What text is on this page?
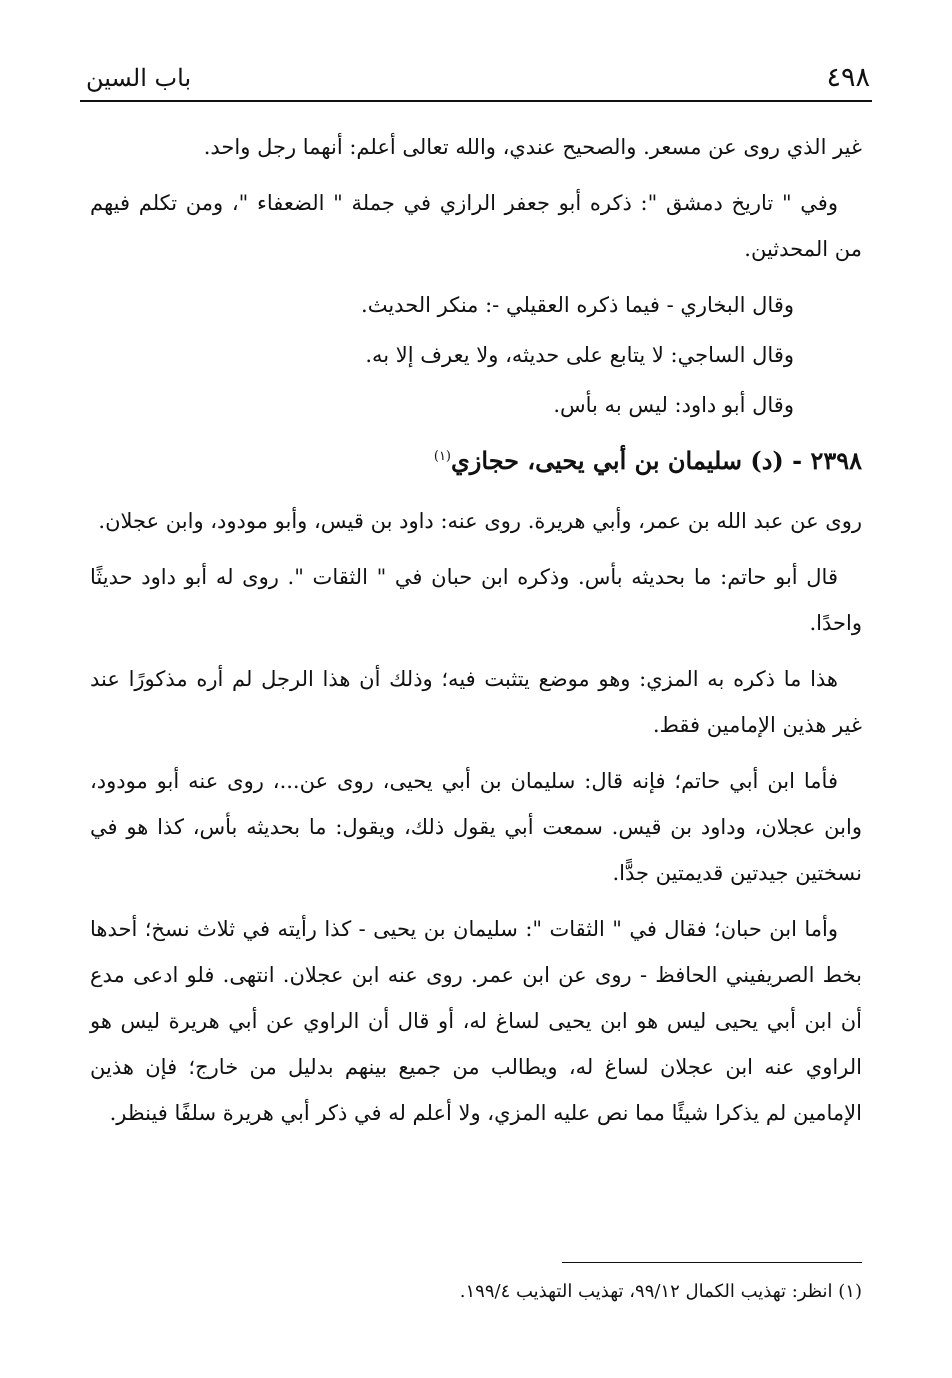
٤٩٨
باب السين

غير الذي روى عن مسعر. والصحيح عندي، والله تعالى أعلم: أنهما رجل واحد.

وفي " تاريخ دمشق ": ذكره أبو جعفر الرازي في جملة " الضعفاء "، ومن تكلم فيهم من المحدثين.

وقال البخاري - فيما ذكره العقيلي -: منكر الحديث.

وقال الساجي: لا يتابع على حديثه، ولا يعرف إلا به.

وقال أبو داود: ليس به بأس.

٢٣٩٨ - (د) سليمان بن أبي يحيى، حجازي$^{(١)}$

روى عن عبد الله بن عمر، وأبي هريرة. روى عنه: داود بن قيس، وأبو مودود، وابن عجلان.

قال أبو حاتم: ما بحديثه بأس. وذكره ابن حبان في " الثقات ". روى له أبو داود حديثًا واحدًا.

هذا ما ذكره به المزي: وهو موضع يتثبت فيه؛ وذلك أن هذا الرجل لم أره مذكورًا عند غير هذين الإمامين فقط.

فأما ابن أبي حاتم؛ فإنه قال: سليمان بن أبي يحيى، روى عن...، روى عنه أبو مودود، وابن عجلان، وداود بن قيس. سمعت أبي يقول ذلك، ويقول: ما بحديثه بأس، كذا هو في نسختين جيدتين قديمتين جدًّا.

وأما ابن حبان؛ فقال في " الثقات ": سليمان بن يحيى - كذا رأيته في ثلاث نسخ؛ أحدها بخط الصريفيني الحافظ - روى عن ابن عمر. روى عنه ابن عجلان. انتهى. فلو ادعى مدع أن ابن أبي يحيى ليس هو ابن يحيى لساغ له، أو قال أن الراوي عن أبي هريرة ليس هو الراوي عنه ابن عجلان لساغ له، ويطالب من جميع بينهم بدليل من خارج؛ فإن هذين الإمامين لم يذكرا شيئًا مما نص عليه المزي، ولا أعلم له في ذكر أبي هريرة سلفًا فينظر.

(١) انظر: تهذيب الكمال ٩٩/١٢، تهذيب التهذيب ١٩٩/٤.
